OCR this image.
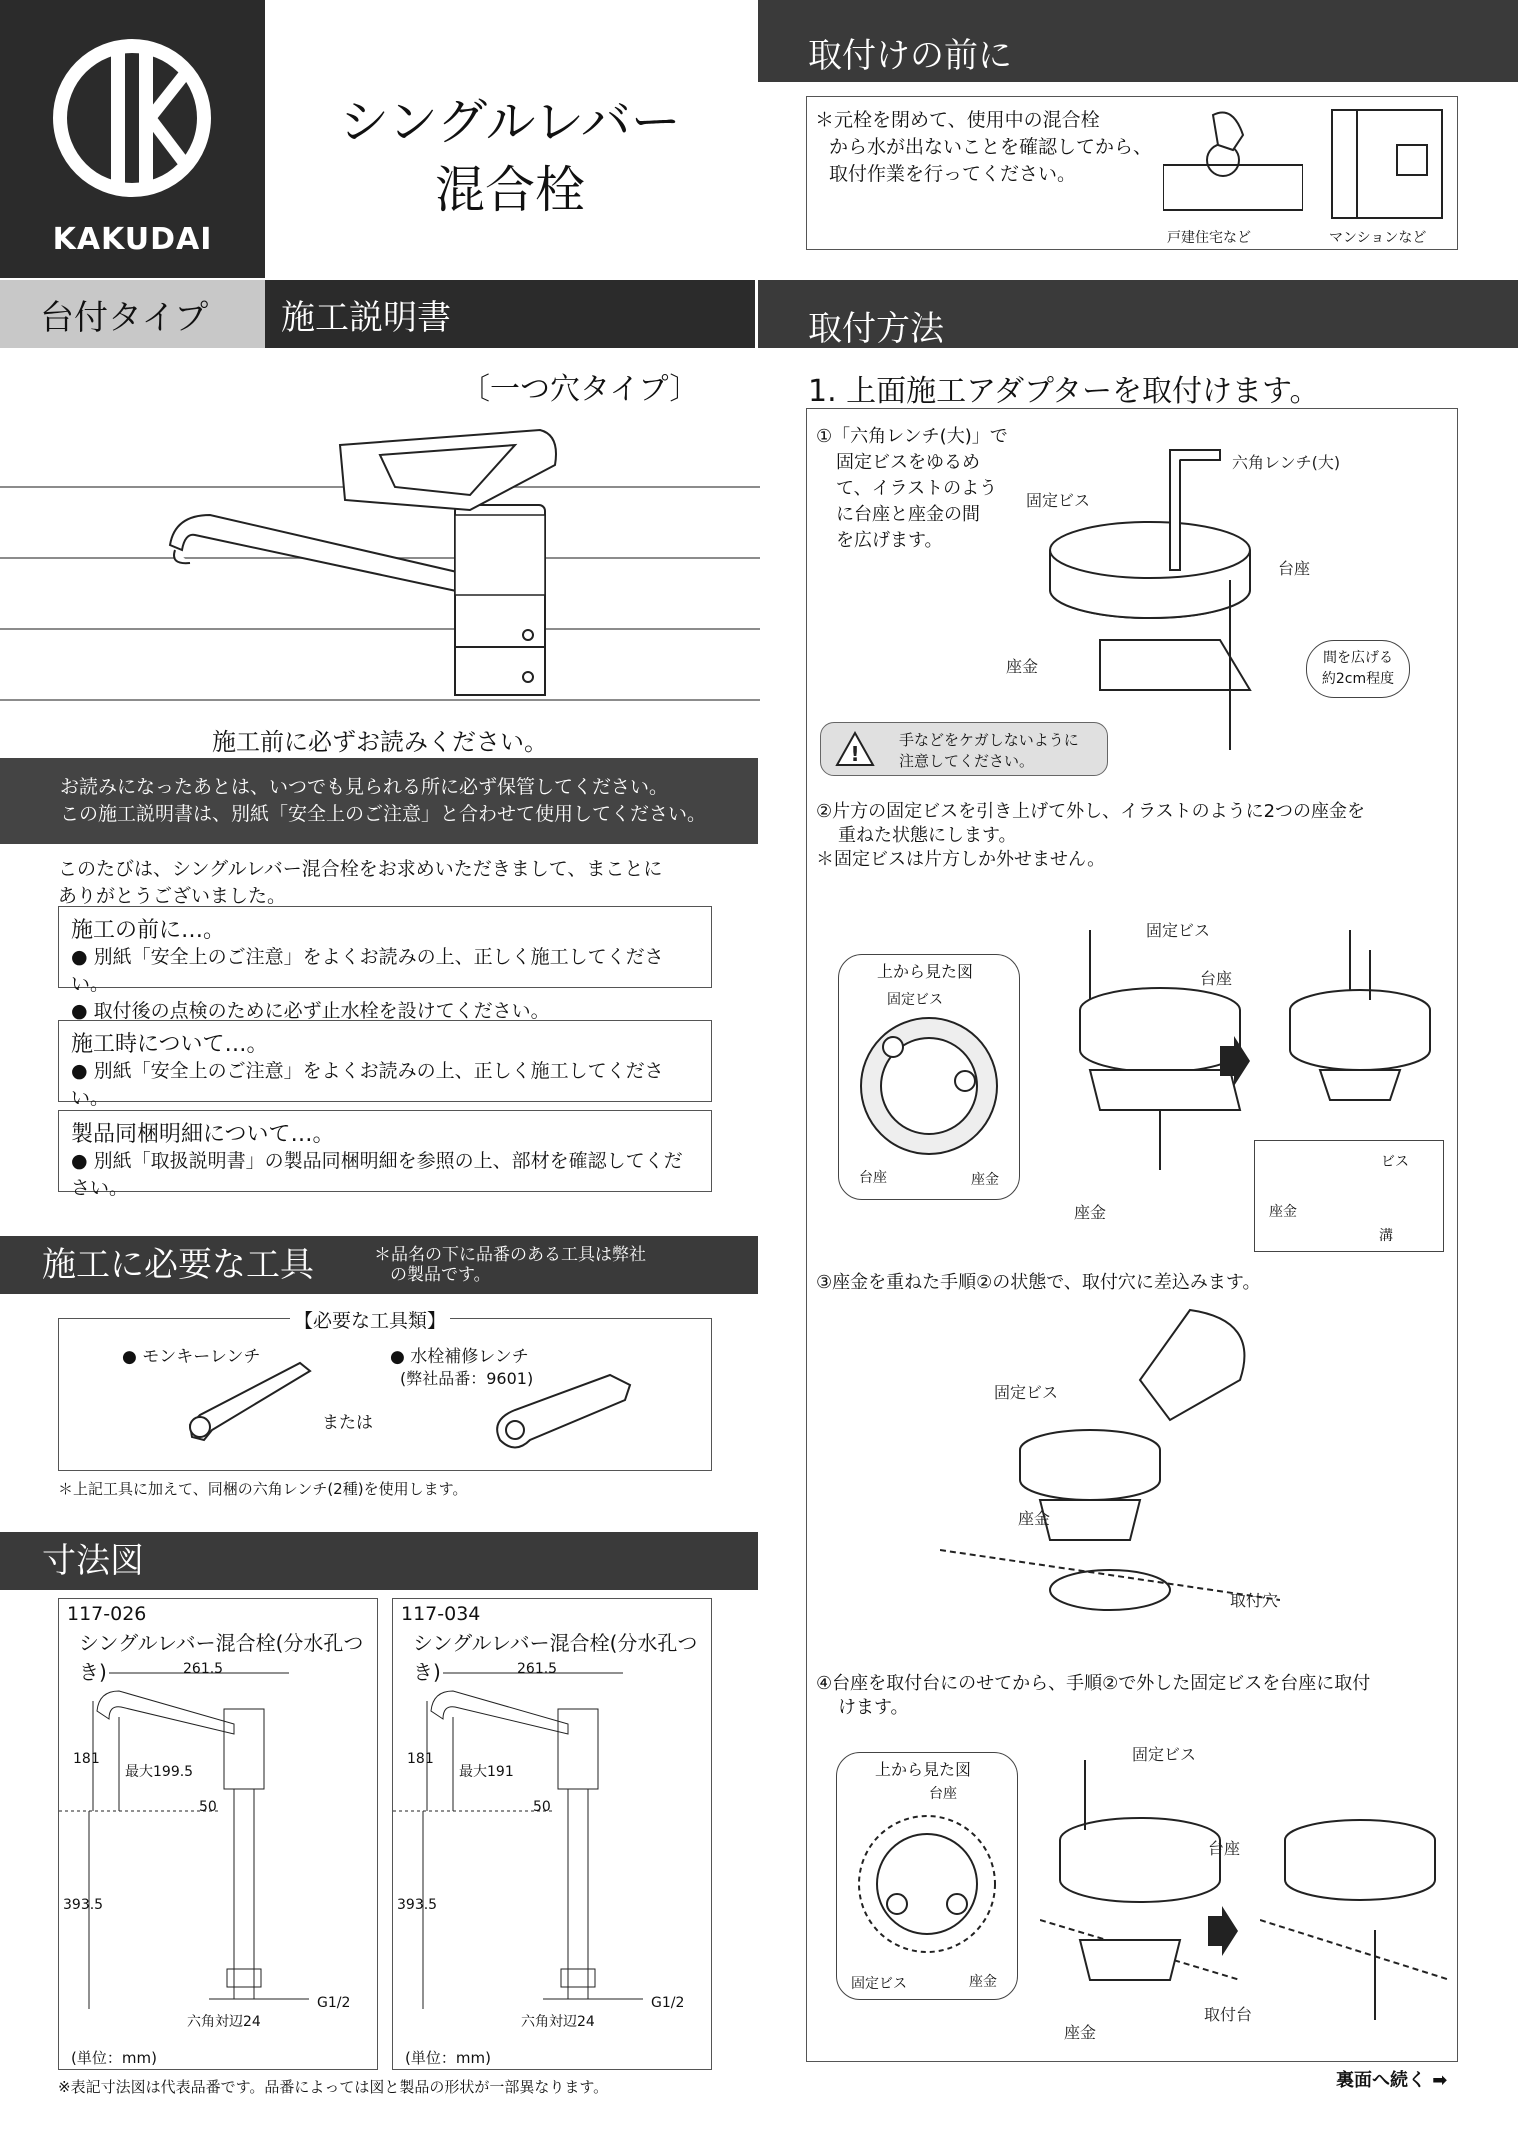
KAKUDAI
シングルレバー
混合栓
台付タイプ	施工説明書
〔一つ穴タイプ〕
施工前に必ずお読みください。
お読みになったあとは、いつでも見られる所に必ず保管してください。
この施工説明書は、別紙「安全上のご注意」と合わせて使用してください。
このたびは、シングルレバー混合栓をお求めいただきまして、まことに
ありがとうございました。
施工の前に…。
● 別紙「安全上のご注意」をよくお読みの上、正しく施工してください。
● 取付後の点検のために必ず止水栓を設けてください。
施工時について…。
● 別紙「安全上のご注意」をよくお読みの上、正しく施工してください。
製品同梱明細について…。
● 別紙「取扱説明書」の製品同梱明細を参照の上、部材を確認してください。
施工に必要な工具	＊品名の下に品番のある工具は弊社
の製品です。
【必要な工具類】
● モンキーレンチ	● 水栓補修レンチ
(弊社品番：9601)
または
＊上記工具に加えて、同梱の六角レンチ(2種)を使用します。
寸法図
117-026
シングルレバー混合栓(分水孔つき)	261.5
181
最大199.5
50
393.5
六角対辺24
G1/2
(単位：mm)
117-034
シングルレバー混合栓(分水孔つき)	261.5
181
最大191
50
393.5
六角対辺24
G1/2
(単位：mm)
※表記寸法図は代表品番です。品番によっては図と製品の形状が一部異なります。
取付けの前に
＊元栓を閉めて、使用中の混合栓
から水が出ないことを確認してから、
取付作業を行ってください。
戸建住宅など	マンションなど
取付方法
1. 上面施工アダプターを取付けます。
①「六角レンチ(大)」で
固定ビスをゆるめ
て、イラストのよう
に台座と座金の間
を広げます。
六角レンチ(大)
固定ビス
台座
座金	間を広げる
約2cm程度
!
手などをケガしないように
注意してください。
②片方の固定ビスを引き上げて外し、イラストのように2つの座金を
重ねた状態にします。
＊固定ビスは片方しか外せません。
上から見た図
固定ビス
台座	座金
固定ビス
台座
座金
ビス
座金
溝
③座金を重ねた手順②の状態で、取付穴に差込みます。
固定ビス
座金
取付穴
④台座を取付台にのせてから、手順②で外した固定ビスを台座に取付
けます。
上から見た図
台座
固定ビス	座金
固定ビス
台座
取付台
座金
裏面へ続く ➡
